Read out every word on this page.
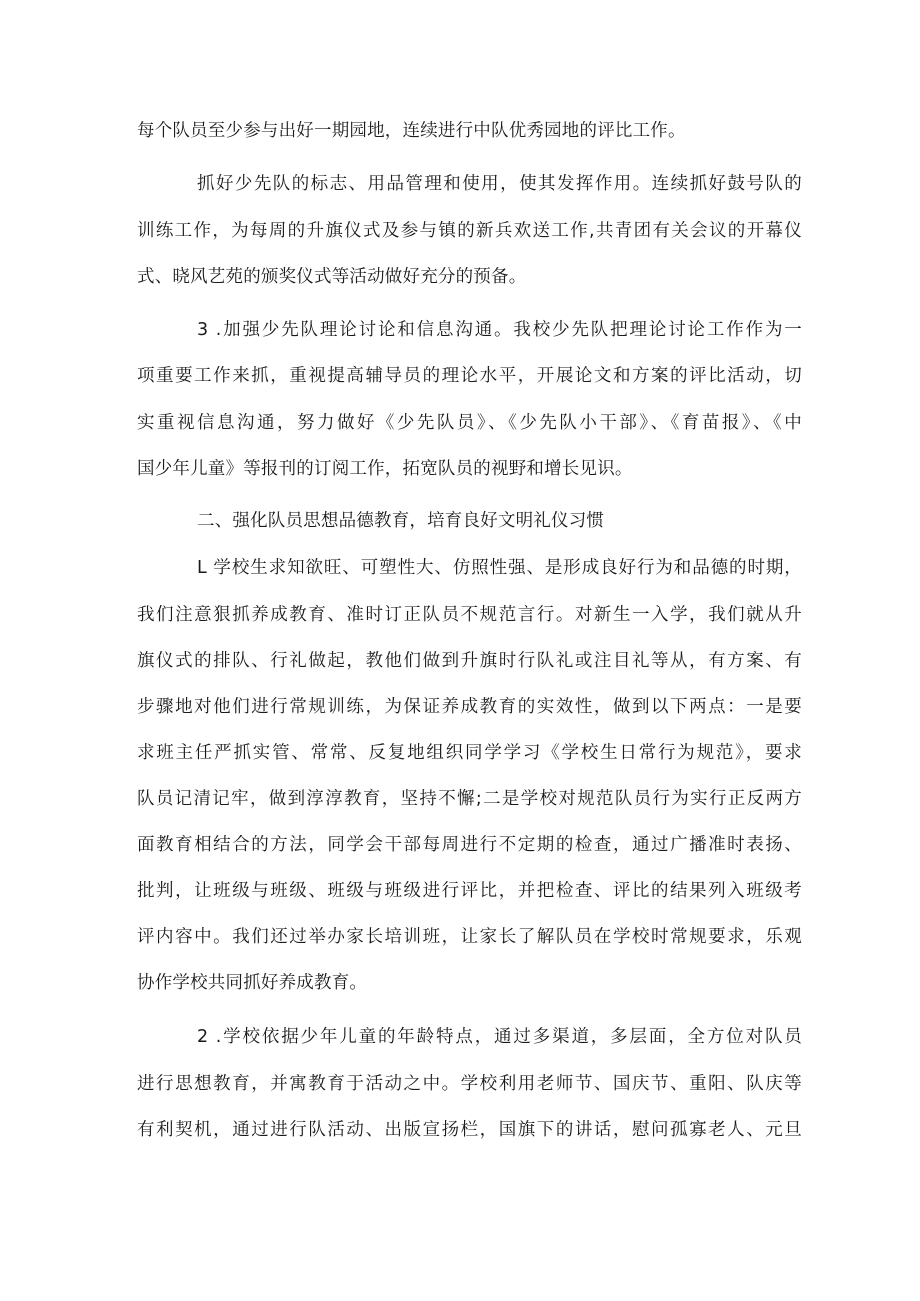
每个队员至少参与出好一期园地，连续进行中队优秀园地的评比工作。
抓好少先队的标志、用品管理和使用，使其发挥作用。连续抓好鼓号队的
训练工作，为每周的升旗仪式及参与镇的新兵欢送工作,共青团有关会议的开幕仪
式、晓风艺苑的颁奖仪式等活动做好充分的预备。
3 .加强少先队理论讨论和信息沟通。我校少先队把理论讨论工作作为一
项重要工作来抓，重视提高辅导员的理论水平，开展论文和方案的评比活动，切
实重视信息沟通，努力做好《少先队员》、《少先队小干部》、《育苗报》、《中
国少年儿童》等报刊的订阅工作，拓宽队员的视野和增长见识。
二、强化队员思想品德教育，培育良好文明礼仪习惯
L 学校生求知欲旺、可塑性大、仿照性强、是形成良好行为和品德的时期，
我们注意狠抓养成教育、准时订正队员不规范言行。对新生一入学，我们就从升
旗仪式的排队、行礼做起，教他们做到升旗时行队礼或注目礼等从，有方案、有
步骤地对他们进行常规训练，为保证养成教育的实效性，做到以下两点：一是要
求班主任严抓实管、常常、反复地组织同学学习《学校生日常行为规范》，要求
队员记清记牢，做到淳淳教育，坚持不懈;二是学校对规范队员行为实行正反两方
面教育相结合的方法，同学会干部每周进行不定期的检查，通过广播准时表扬、
批判，让班级与班级、班级与班级进行评比，并把检查、评比的结果列入班级考
评内容中。我们还过举办家长培训班，让家长了解队员在学校时常规要求，乐观
协作学校共同抓好养成教育。
2 .学校依据少年儿童的年龄特点，通过多渠道，多层面，全方位对队员
进行思想教育，并寓教育于活动之中。学校利用老师节、国庆节、重阳、队庆等
有利契机，通过进行队活动、出版宣扬栏，国旗下的讲话，慰问孤寡老人、元旦
